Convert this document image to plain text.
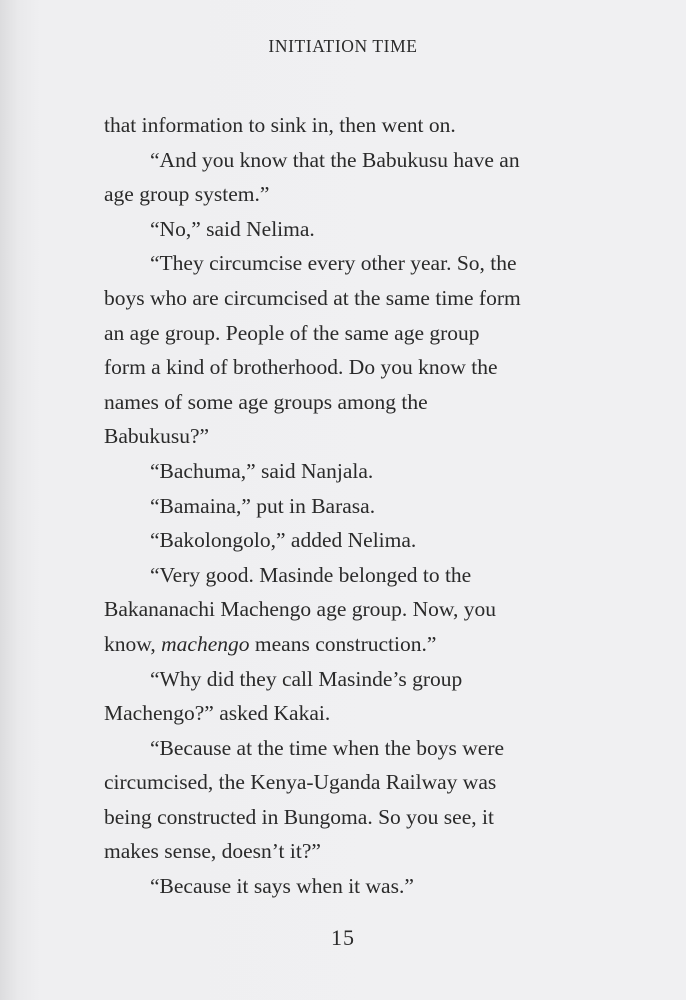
INITIATION TIME

that information to sink in, then went on.

“And you know that the Babukusu have an
age group system.”

“No,” said Nelima.

“They circumcise every other year. So, the
boys who are circumcised at the same time form
an age group. People of the same age group
form a kind of brotherhood. Do you know the
names of some age groups among the
Babukusu?”

“Bachuma,” said Nanjala.

“Bamaina,” put in Barasa.

“Bakolongolo,” added Nelima.

“Very good. Masinde belonged to the
Bakananachi Machengo age group. Now, you
know, machengo means construction.”

“Why did they call Masinde’s group
Machengo?” asked Kakai.

“Because at the time when the boys were
circumcised, the Kenya-Uganda Railway was
being constructed in Bungoma. So you see, it
makes sense, doesn’t it?”

“Because it says when it was.”

15
